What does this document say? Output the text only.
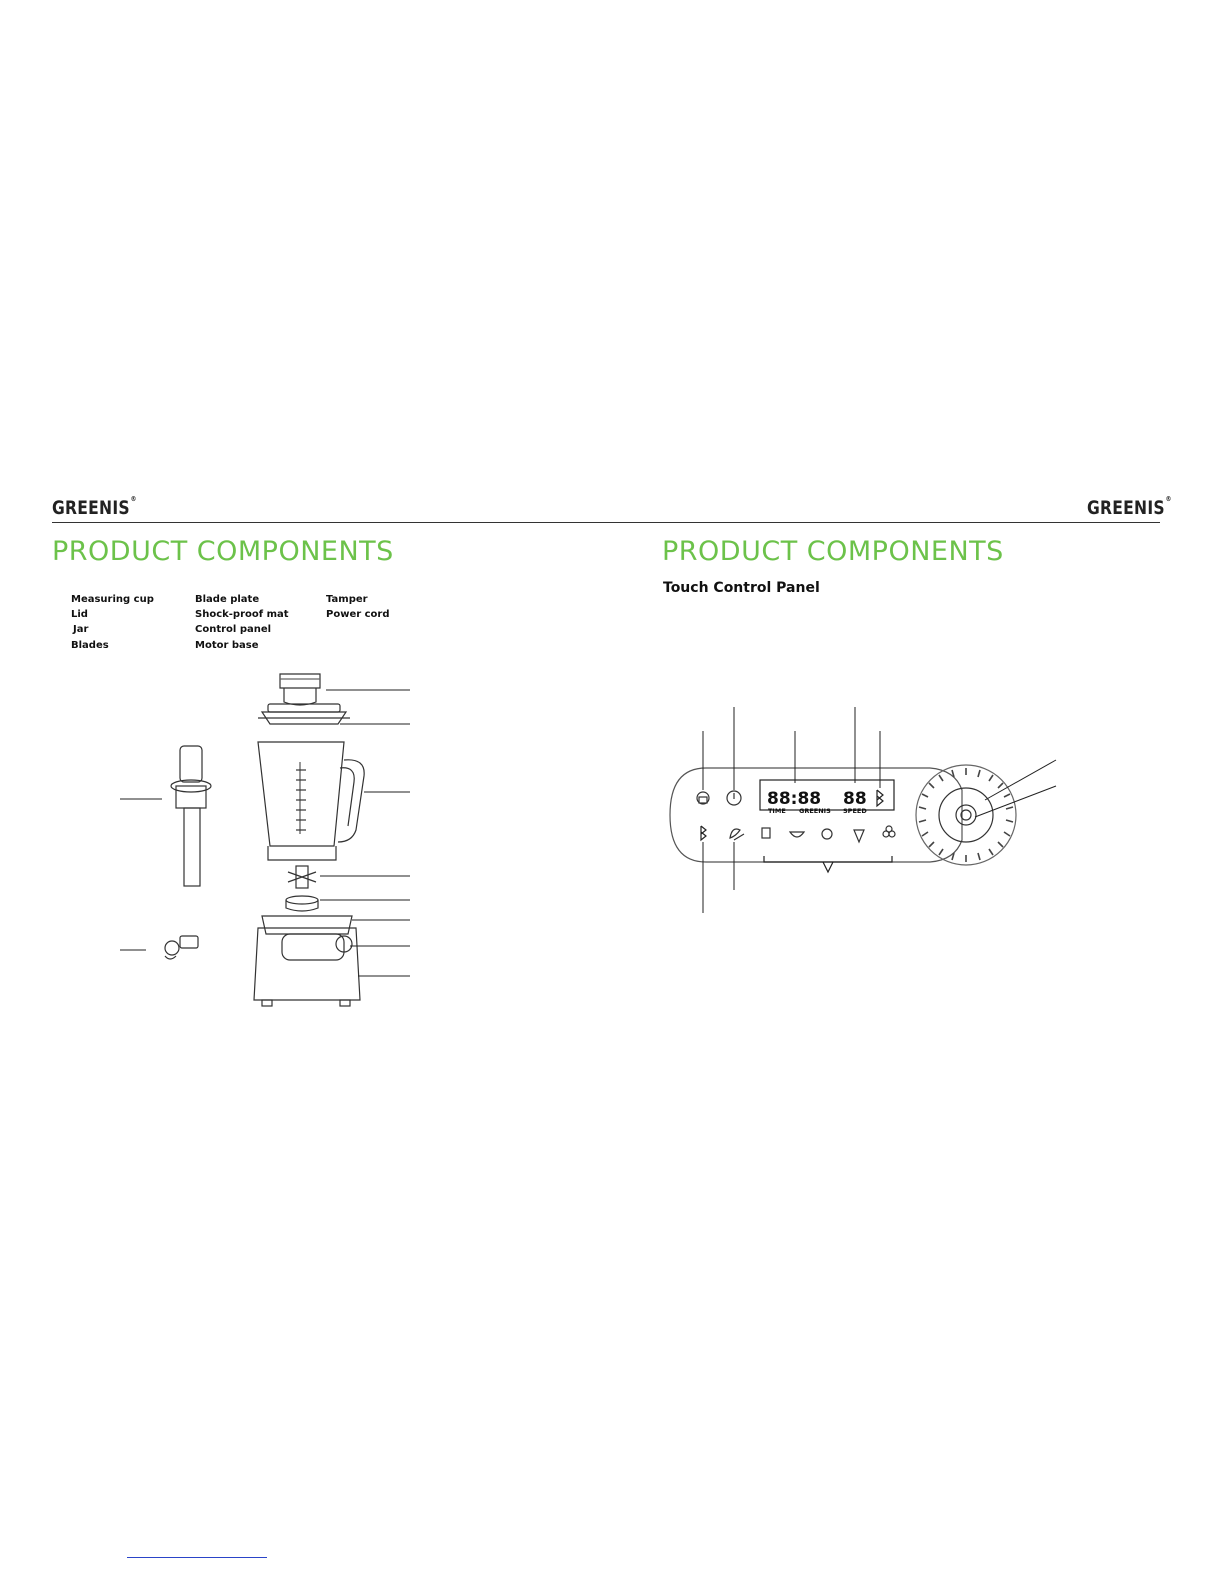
GREENIS®	GREENIS®
PRODUCT COMPONENTS
Measuring cup
Lid
Jar
Blades
Blade plate
Shock-proof mat
Control panel
Motor base
Tamper
Power cord
PRODUCT COMPONENTS
Touch Control Panel
88:88 88
TIME GREENIS SPEED
